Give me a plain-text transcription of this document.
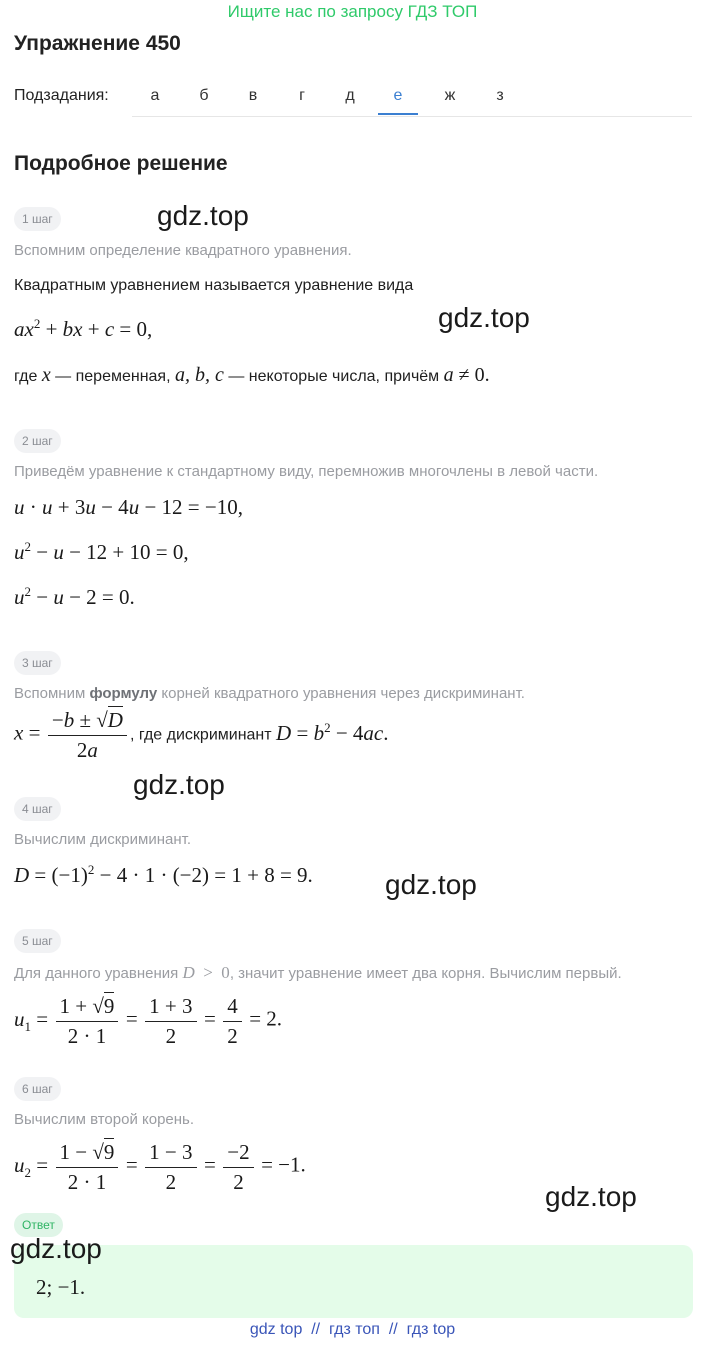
Ищите нас по запросу ГДЗ ТОП
Упражнение 450
Подзадания:	а	б	в	г	д	е	ж	з
Подробное решение
1 шаг	gdz.top
Вспомним определение квадратного уравнения.
Квадратным уравнением называется уравнение вида
$ax^2$ + bx + c = 0,	gdz.top
где x — переменная, a, b, c — некоторые числа, причём a ≠ 0.
2 шаг
Приведём уравнение к стандартному виду, перемножив многочлены в левой части.
u · u + 3u − 4u − 12 = −10,
$u^2 - u - 12 + 10 = 0$,
$u^2 - u - 2 = 0$.
3 шаг
Вспомним формулу корней квадратного уравнения через дискриминант.
$x = \frac{-b \pm √D}{2a}$ , где дискриминант $D = b^2 - 4ac$.
gdz.top
4 шаг
Вычислим дискриминант.
$D = (-1)^2 - 4 \cdot 1 \cdot (-2) = 1 + 8 = 9$.	gdz.top
5 шаг
Для данного уравнения D  >  0, значит уравнение имеет два корня. Вычислим первый.
$u_1 = \frac{1 + √9}{2 \cdot 1} = \frac{1 + 3}{2} = \frac{4}{2} = 2$.
6 шаг
Вычислим второй корень.
$u_2 = \frac{1 - √9}{2 \cdot 1} = \frac{1 - 3}{2} = \frac{-2}{2} = -1$.
gdz.top
Ответ
2; −1.
gdz.top
gdz top // гдз топ // гдз top
